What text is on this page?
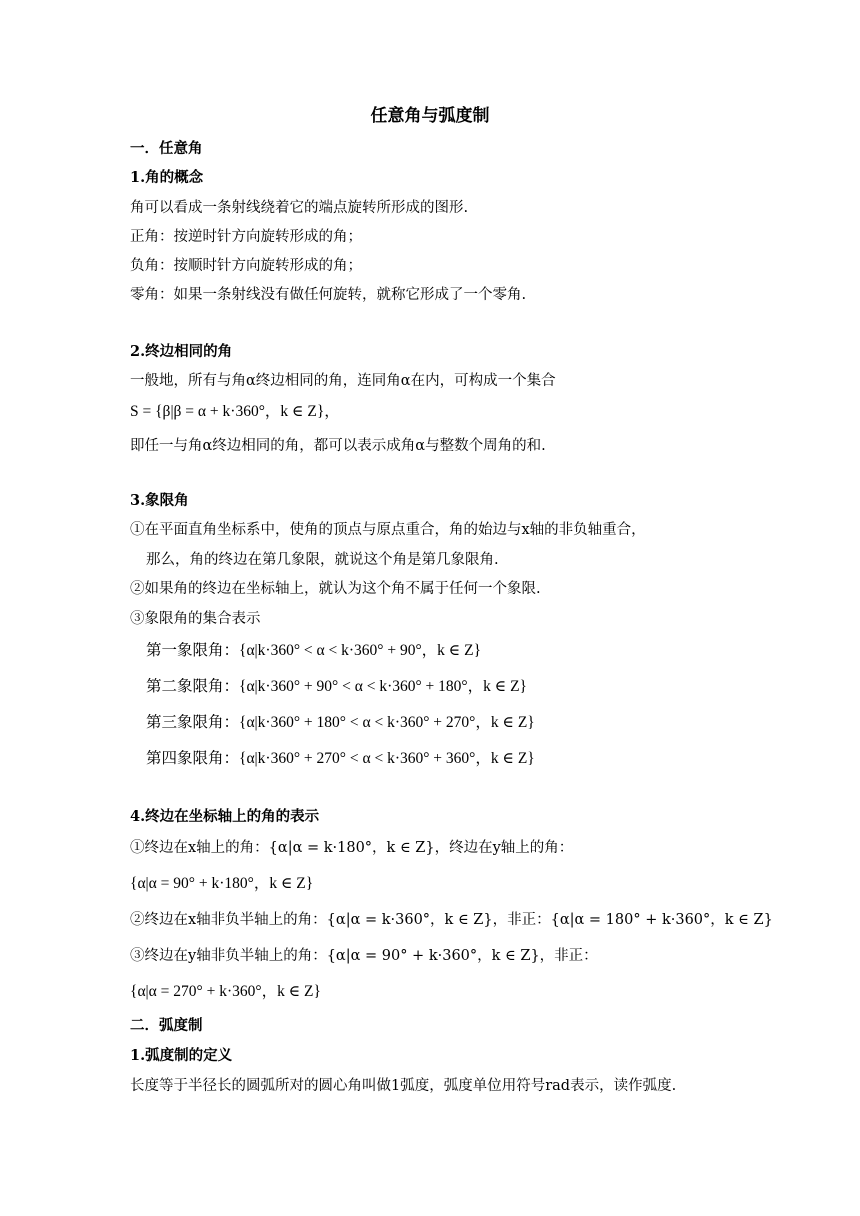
任意角与弧度制
一．任意角
1.角的概念
角可以看成一条射线绕着它的端点旋转所形成的图形.
正角：按逆时针方向旋转形成的角；
负角：按顺时针方向旋转形成的角；
零角：如果一条射线没有做任何旋转，就称它形成了一个零角.
2.终边相同的角
一般地，所有与角α终边相同的角，连同角α在内，可构成一个集合
S = {β|β = α + k·360°，k ∈ Z}，
即任一与角α终边相同的角，都可以表示成角α与整数个周角的和.
3.象限角
①在平面直角坐标系中，使角的顶点与原点重合，角的始边与x轴的非负轴重合，
那么，角的终边在第几象限，就说这个角是第几象限角.
②如果角的终边在坐标轴上，就认为这个角不属于任何一个象限.
③象限角的集合表示
第一象限角：{α|k·360° < α < k·360° + 90°，k ∈ Z}
第二象限角：{α|k·360° + 90° < α < k·360° + 180°，k ∈ Z}
第三象限角：{α|k·360° + 180° < α < k·360° + 270°，k ∈ Z}
第四象限角：{α|k·360° + 270° < α < k·360° + 360°，k ∈ Z}
4.终边在坐标轴上的角的表示
①终边在x轴上的角：{α|α = k·180°，k ∈ Z}，终边在y轴上的角：
{α|α = 90° + k·180°，k ∈ Z}
②终边在x轴非负半轴上的角：{α|α = k·360°，k ∈ Z}，非正：{α|α = 180° + k·360°，k ∈ Z}
③终边在y轴非负半轴上的角：{α|α = 90° + k·360°，k ∈ Z}，非正：
{α|α = 270° + k·360°，k ∈ Z}
二．弧度制
1.弧度制的定义
长度等于半径长的圆弧所对的圆心角叫做1弧度，弧度单位用符号rad表示，读作弧度.
